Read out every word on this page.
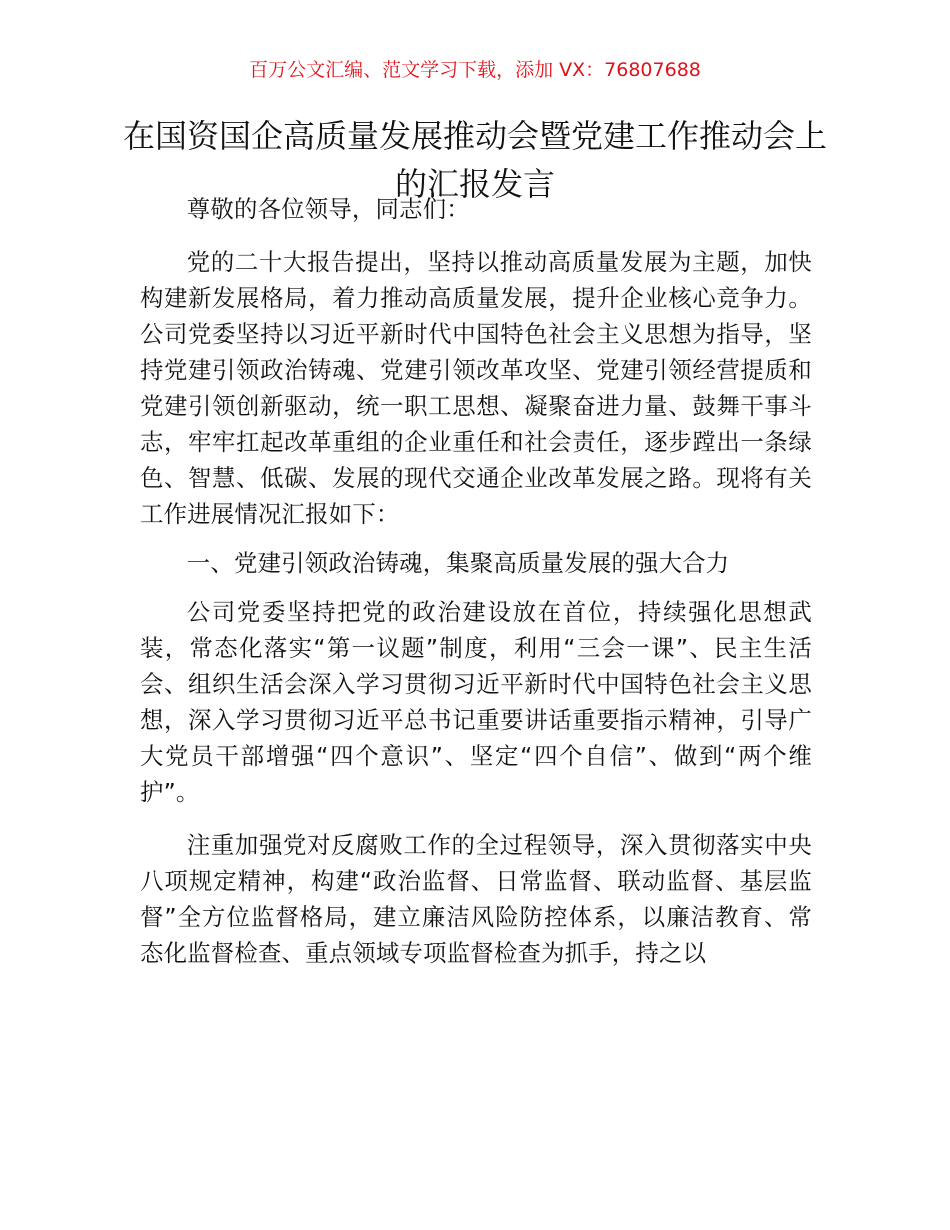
百万公文汇编、范文学习下载，添加 VX：76807688
在国资国企高质量发展推动会暨党建工作推动会上的汇报发言

尊敬的各位领导，同志们：

党的二十大报告提出，坚持以推动高质量发展为主题，加快构建新发展格局，着力推动高质量发展，提升企业核心竞争力。公司党委坚持以习近平新时代中国特色社会主义思想为指导，坚持党建引领政治铸魂、党建引领改革攻坚、党建引领经营提质和党建引领创新驱动，统一职工思想、凝聚奋进力量、鼓舞干事斗志，牢牢扛起改革重组的企业重任和社会责任，逐步蹚出一条绿色、智慧、低碳、发展的现代交通企业改革发展之路。现将有关工作进展情况汇报如下：

一、党建引领政治铸魂，集聚高质量发展的强大合力

公司党委坚持把党的政治建设放在首位，持续强化思想武装，常态化落实“第一议题”制度，利用“三会一课”、民主生活会、组织生活会深入学习贯彻习近平新时代中国特色社会主义思想，深入学习贯彻习近平总书记重要讲话重要指示精神，引导广大党员干部增强“四个意识”、坚定“四个自信”、做到“两个维护”。

注重加强党对反腐败工作的全过程领导，深入贯彻落实中央八项规定精神，构建“政治监督、日常监督、联动监督、基层监督”全方位监督格局，建立廉洁风险防控体系，以廉洁教育、常态化监督检查、重点领域专项监督检查为抓手，持之以
